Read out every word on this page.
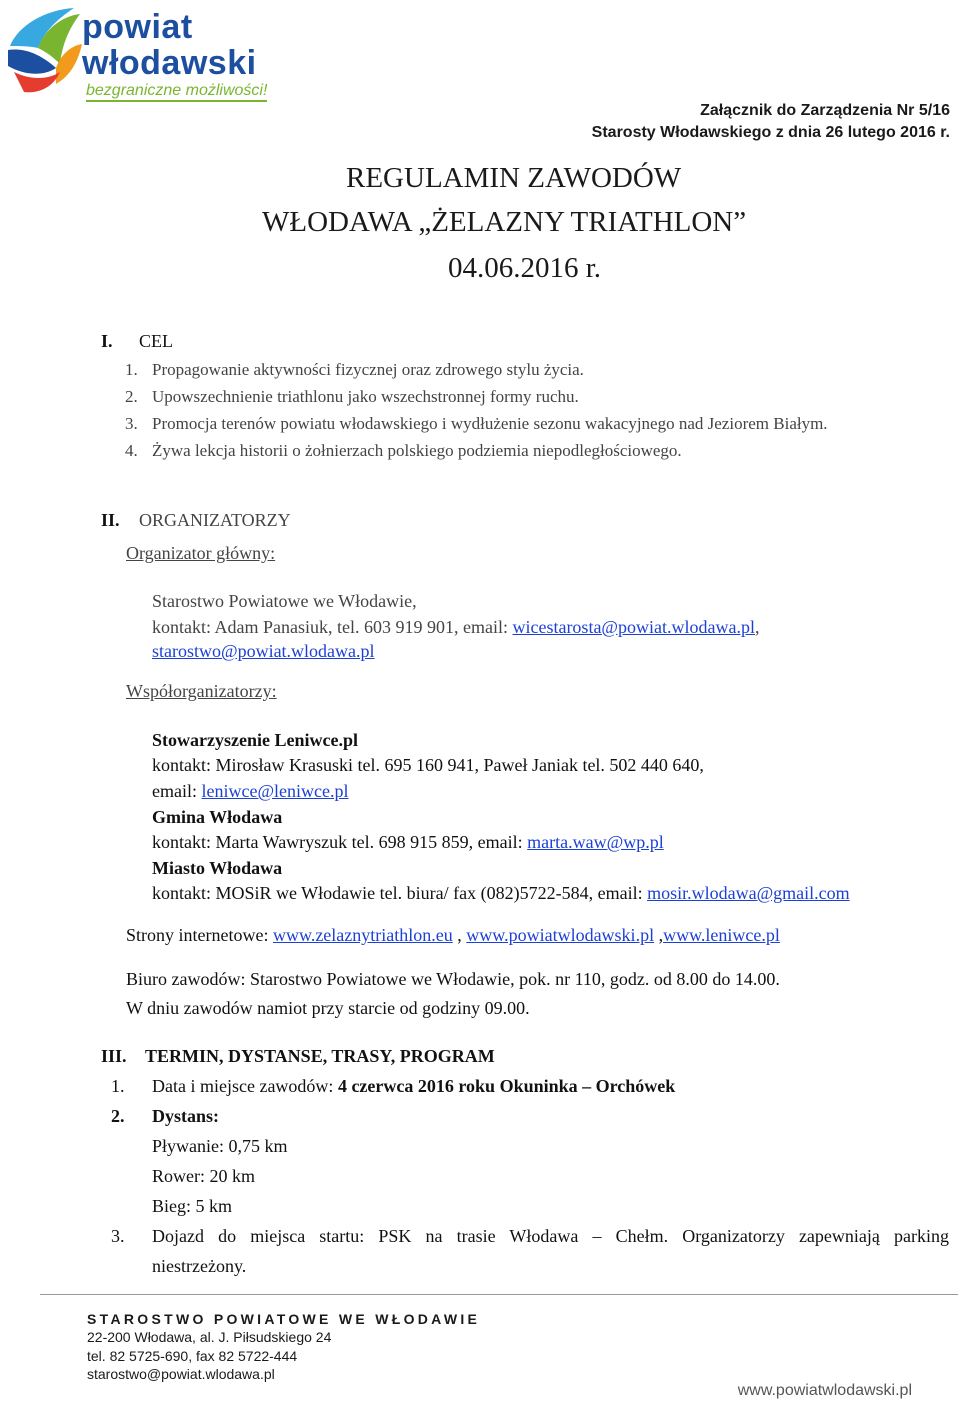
powiat
włodawski
bezgraniczne możliwości!
Załącznik do Zarządzenia Nr 5/16
Starosty Włodawskiego z dnia 26 lutego 2016 r.
REGULAMIN ZAWODÓW
WŁODAWA „ŻELAZNY TRIATHLON”
04.06.2016 r.
I. CEL
1. Propagowanie aktywności fizycznej oraz zdrowego stylu życia.
2. Upowszechnienie triathlonu jako wszechstronnej formy ruchu.
3. Promocja terenów powiatu włodawskiego i wydłużenie sezonu wakacyjnego nad Jeziorem Białym.
4. Żywa lekcja historii o żołnierzach polskiego podziemia niepodległościowego.
II. ORGANIZATORZY
Organizator główny:
Starostwo Powiatowe we Włodawie,
kontakt: Adam Panasiuk, tel. 603 919 901, email: wicestarosta@powiat.wlodawa.pl,
starostwo@powiat.wlodawa.pl
Współorganizatorzy:
Stowarzyszenie Leniwce.pl
kontakt: Mirosław Krasuski tel. 695 160 941, Paweł Janiak tel. 502 440 640,
email: leniwce@leniwce.pl
Gmina Włodawa
kontakt: Marta Wawryszuk tel. 698 915 859, email: marta.waw@wp.pl
Miasto Włodawa
kontakt: MOSiR we Włodawie tel. biura/ fax (082)5722-584, email: mosir.wlodawa@gmail.com
Strony internetowe: www.zelaznytriathlon.eu , www.powiatwlodawski.pl ,www.leniwce.pl
Biuro zawodów: Starostwo Powiatowe we Włodawie, pok. nr 110, godz. od 8.00 do 14.00.
W dniu zawodów namiot przy starcie od godziny 09.00.
III. TERMIN, DYSTANSE, TRASY, PROGRAM
1. Data i miejsce zawodów: 4 czerwca 2016 roku Okuninka – Orchówek
2. Dystans:
Pływanie: 0,75 km
Rower: 20 km
Bieg: 5 km
3. Dojazd do miejsca startu: PSK na trasie Włodawa – Chełm. Organizatorzy zapewniają parking
niestrzeżony.
STAROSTWO POWIATOWE WE WŁODAWIE
22-200 Włodawa, al. J. Piłsudskiego 24
tel. 82 5725-690, fax 82 5722-444
starostwo@powiat.wlodawa.pl
www.powiatwlodawski.pl
